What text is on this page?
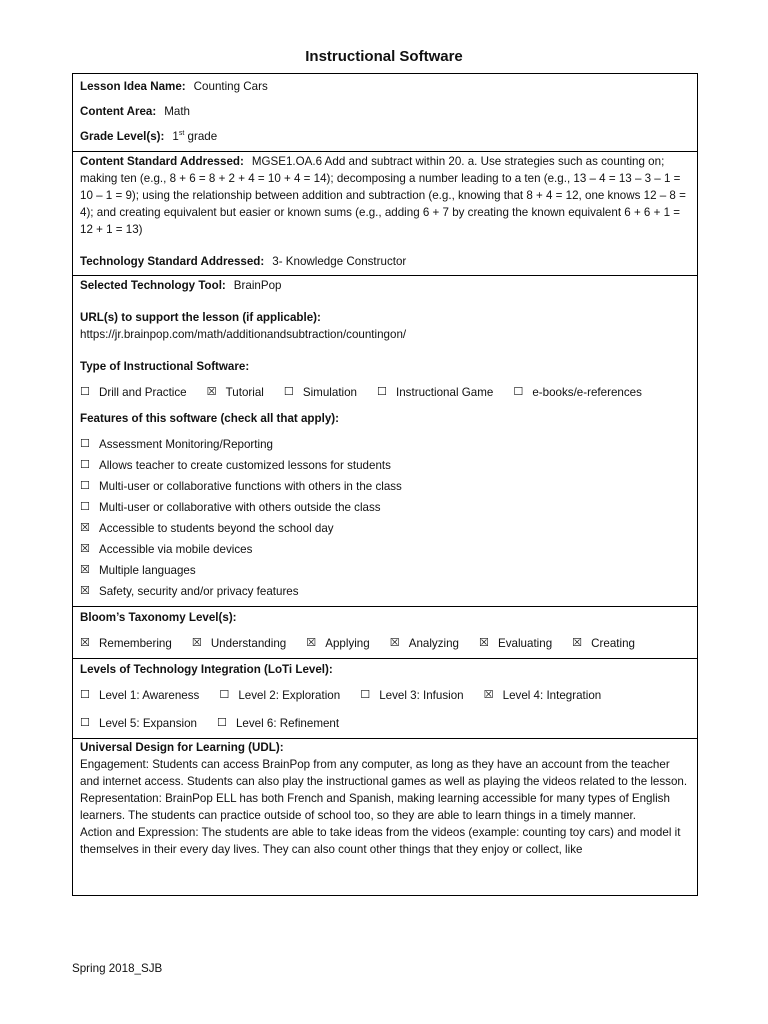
Instructional Software
Lesson Idea Name: Counting Cars
Content Area: Math
Grade Level(s): 1st grade

Content Standard Addressed: MGSE1.OA.6 Add and subtract within 20. a. Use strategies such as counting on; making ten (e.g., 8 + 6 = 8 + 2 + 4 = 10 + 4 = 14); decomposing a number leading to a ten (e.g., 13 – 4 = 13 – 3 – 1 = 10 – 1 = 9); using the relationship between addition and subtraction (e.g., knowing that 8 + 4 = 12, one knows 12 – 8 = 4); and creating equivalent but easier or known sums (e.g., adding 6 + 7 by creating the known equivalent 6 + 6 + 1 = 12 + 1 = 13)

Technology Standard Addressed: 3- Knowledge Constructor

Selected Technology Tool: BrainPop
URL(s) to support the lesson (if applicable):
https://jr.brainpop.com/math/additionandsubtraction/countingon/
Type of Instructional Software:
☐ Drill and Practice ☒ Tutorial ☐ Simulation ☐ Instructional Game ☐ e-books/e-references
Features of this software (check all that apply):
☐ Assessment Monitoring/Reporting
☐ Allows teacher to create customized lessons for students
☐ Multi-user or collaborative functions with others in the class
☐ Multi-user or collaborative with others outside the class
☒ Accessible to students beyond the school day
☒ Accessible via mobile devices
☒ Multiple languages
☒ Safety, security and/or privacy features
Bloom’s Taxonomy Level(s):
☒ Remembering ☒ Understanding ☒ Applying ☒ Analyzing ☒ Evaluating ☒ Creating
Levels of Technology Integration (LoTi Level):
☐ Level 1: Awareness ☐ Level 2: Exploration ☐ Level 3: Infusion ☒ Level 4: Integration
☐ Level 5: Expansion ☐ Level 6: Refinement

Universal Design for Learning (UDL):

Engagement: Students can access BrainPop from any computer, as long as they have an account from the teacher and internet access. Students can also play the instructional games as well as playing the videos related to the lesson.

Representation: BrainPop ELL has both French and Spanish, making learning accessible for many types of English learners. The students can practice outside of school too, so they are able to learn things in a timely manner.

Action and Expression: The students are able to take ideas from the videos (example: counting toy cars) and model it themselves in their every day lives. They can also count other things that they enjoy or collect, like

Spring 2018_SJB
